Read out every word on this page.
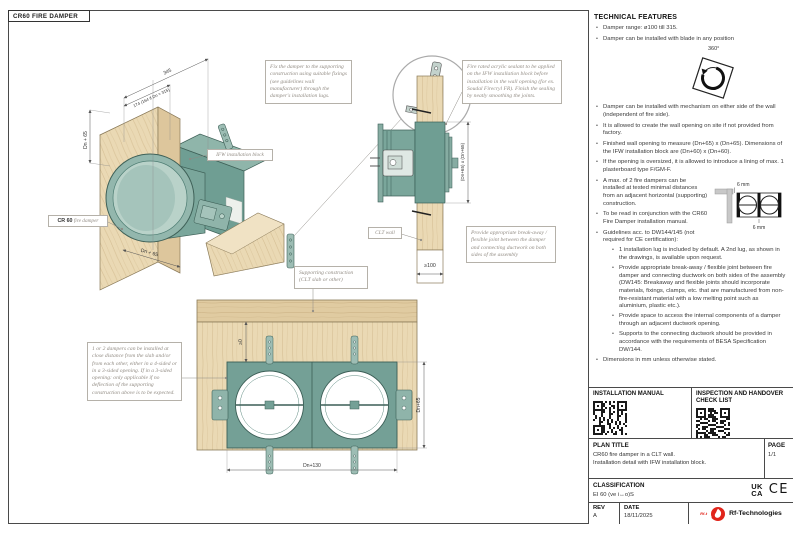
CR60 FIRE DAMPER
345
174 (164 if Dn = 315)
Dn + 65
Dn + 65
(Dn+65) x (Dn+65)
≥100
≥0
Dn+65
Dn+130
Fix the damper to the supporting construction using suitable fixings (see guidelines wall manufacturer) through the damper's installation lugs.
Fire rated acrylic sealant to be applied on the IFW installation block before installation in the wall opening (for ex. Soudal Firecryl FR). Finish the sealing by neatly smoothing the joints.
Provide appropriate break-away / flexible joint between the damper and connecting ductwork on both sides of the assembly
Supporting construction (CLT slab or other)
1 or 2 dampers can be installed at close distance from the slab and/or from each other, either in a 4-sided or in a 3-sided opening. If in a 3-sided opening: only applicable if no deflection of the supporting construction above is to be expected.
IFW installation block
CR 60 fire damper
CLT wall
TECHNICAL FEATURES
• Damper range: ø100 till 315.
• Damper can be installed with blade in any position
360°
• Damper can be installed with mechanism on either side of the wall (independent of fire side).
• It is allowed to create the wall opening on site if not provided from factory.
• Finished wall opening to measure (Dn+65) x (Dn+65). Dimensions of the IFW installation block are (Dn+60) x (Dn+60).
• If the opening is oversized, it is allowed to introduce a lining of max. 1 plasterboard type F/GM-F.
• 6 mm
6 mm
A max. of 2 fire dampers can be installed at tested minimal distances from an adjacent horizontal (supporting) construction.
• To be read in conjunction with the CR60 Fire Damper installation manual.
• Guidelines acc. to DW144/145 (not required for CE certification):
• 1 installation lug is included by default. A 2nd lug, as shown in the drawings, is available upon request.
• Provide appropriate break-away / flexible joint between fire damper and connecting ductwork on both sides of the assembly (DW145: Breakaway and flexible joints should incorporate materials, fixings, clamps, etc. that are manufactured from non-fire-resistant material with a low melting point such as aluminium, plastic etc.).
• Provide space to access the internal components of a damper through an adjacent ductwork opening.
• Supports to the connecting ductwork should be provided in accordance with the requirements of BESA Specification DW/144.
• Dimensions in mm unless otherwise stated.
INSTALLATION MANUAL	INSPECTION AND HANDOVER CHECK LIST
PLAN TITLE
CR60 fire damper in a CLT wall.
Installation detail with IFW installation block.
PAGE
1/1
CLASSIFICATION
EI 60 (ve i↔o)S
UK
CA CE
REV
A
DATE
18/11/2025	Rf-t	Rf-Technologies
